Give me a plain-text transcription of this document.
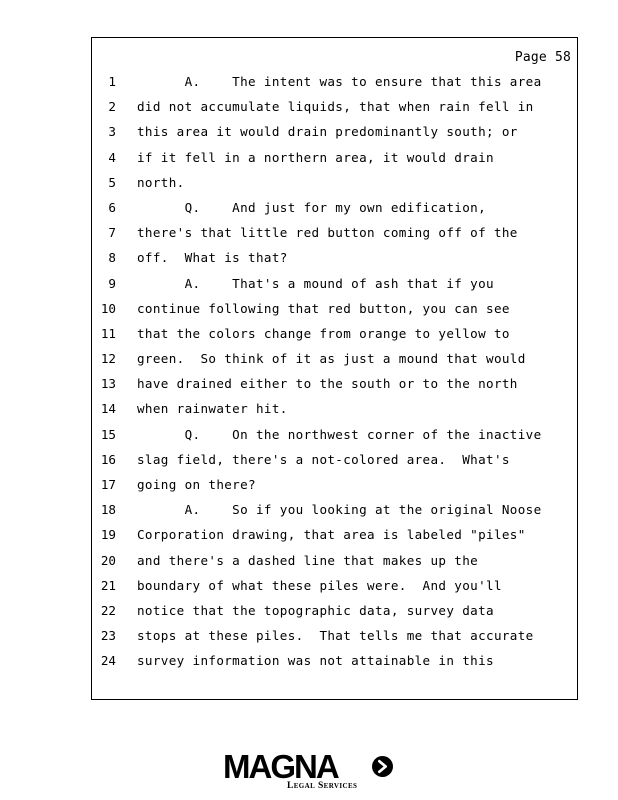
Page 58
1 A.    The intent was to ensure that this area
2 did not accumulate liquids, that when rain fell in
3 this area it would drain predominantly south; or
4 if it fell in a northern area, it would drain
5 north.
6 Q.    And just for my own edification,
7 there's that little red button coming off of the
8 off.  What is that?
9 A.    That's a mound of ash that if you
10 continue following that red button, you can see
11 that the colors change from orange to yellow to
12 green.  So think of it as just a mound that would
13 have drained either to the south or to the north
14 when rainwater hit.
15 Q.    On the northwest corner of the inactive
16 slag field, there's a not-colored area.  What's
17 going on there?
18 A.    So if you looking at the original Noose
19 Corporation drawing, that area is labeled "piles"
20 and there's a dashed line that makes up the
21 boundary of what these piles were.  And you'll
22 notice that the topographic data, survey data
23 stops at these piles.  That tells me that accurate
24 survey information was not attainable in this
MAGNA
Legal Services
